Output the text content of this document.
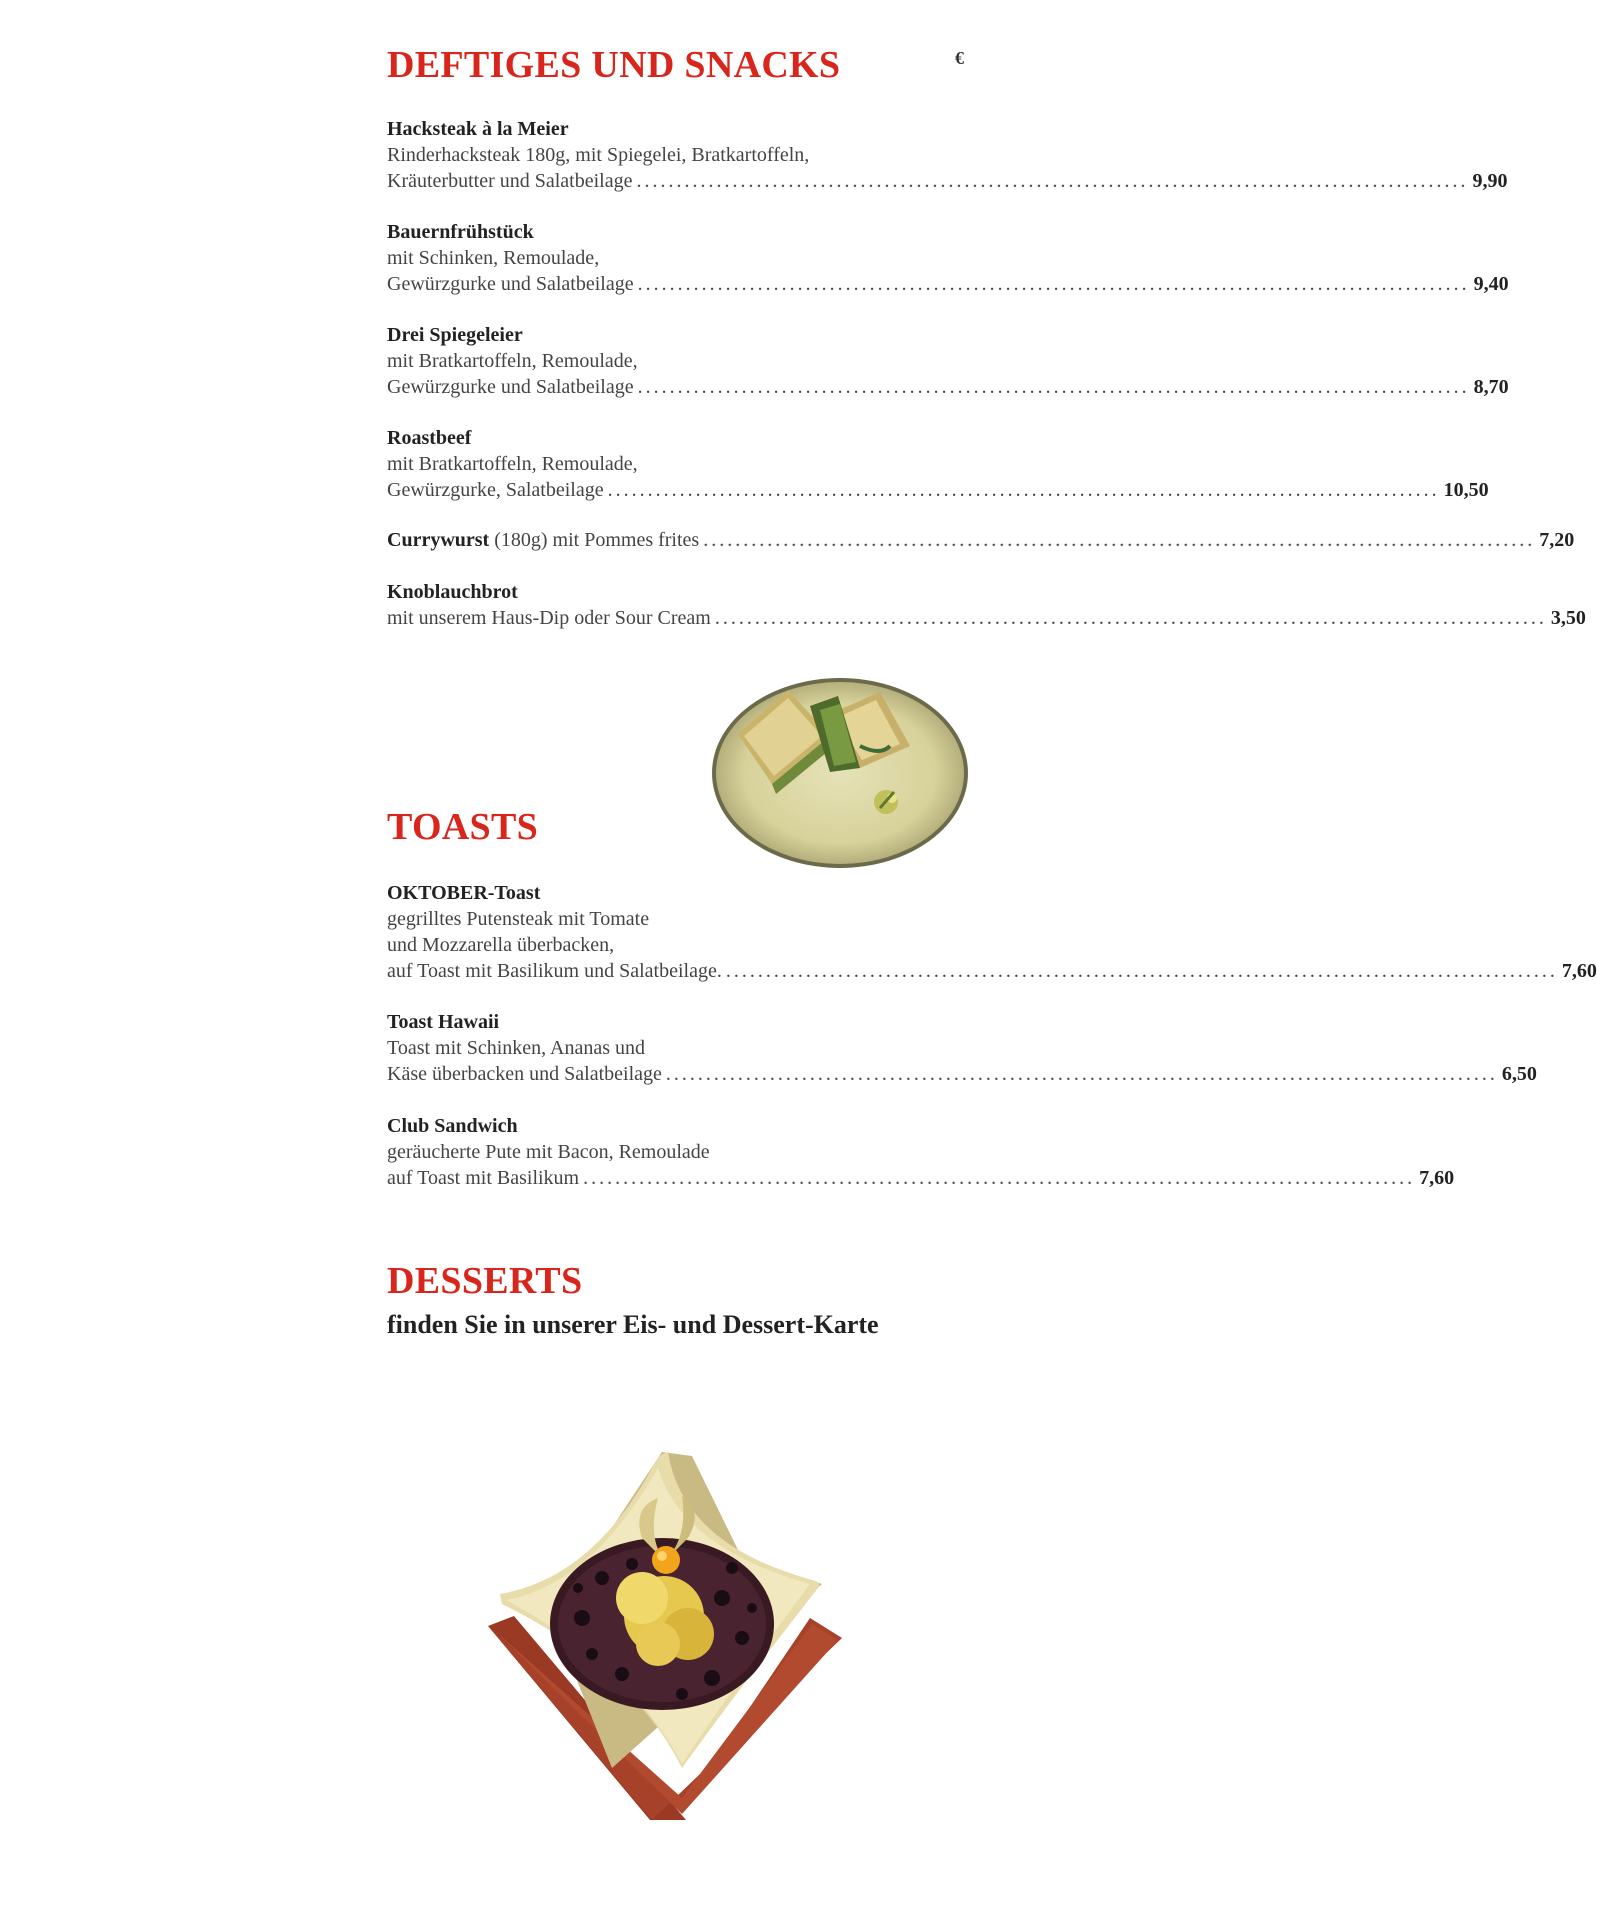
DEFTIGES UND SNACKS	€
Hacksteak à la Meier
Rinderhacksteak 180g, mit Spiegelei, Bratkartoffeln,
Kräuterbutter und Salatbeilage ........................................................................................................ 9,90
Bauernfrühstück
mit Schinken, Remoulade,
Gewürzgurke und Salatbeilage ........................................................................................................ 9,40
Drei Spiegeleier
mit Bratkartoffeln, Remoulade,
Gewürzgurke und Salatbeilage ........................................................................................................ 8,70
Roastbeef
mit Bratkartoffeln, Remoulade,
Gewürzgurke, Salatbeilage ........................................................................................................ 10,50
Currywurst (180g) mit Pommes frites ........................................................................................................ 7,20
Knoblauchbrot
mit unserem Haus-Dip oder Sour Cream ........................................................................................................ 3,50
TOASTS
OKTOBER-Toast
gegrilltes Putensteak mit Tomate
und Mozzarella überbacken,
auf Toast mit Basilikum und Salatbeilage. ........................................................................................................ 7,60
Toast Hawaii
Toast mit Schinken, Ananas und
Käse überbacken und Salatbeilage ........................................................................................................ 6,50
Club Sandwich
geräucherte Pute mit Bacon, Remoulade
auf Toast mit Basilikum ........................................................................................................ 7,60
DESSERTS
finden Sie in unserer Eis- und Dessert-Karte
